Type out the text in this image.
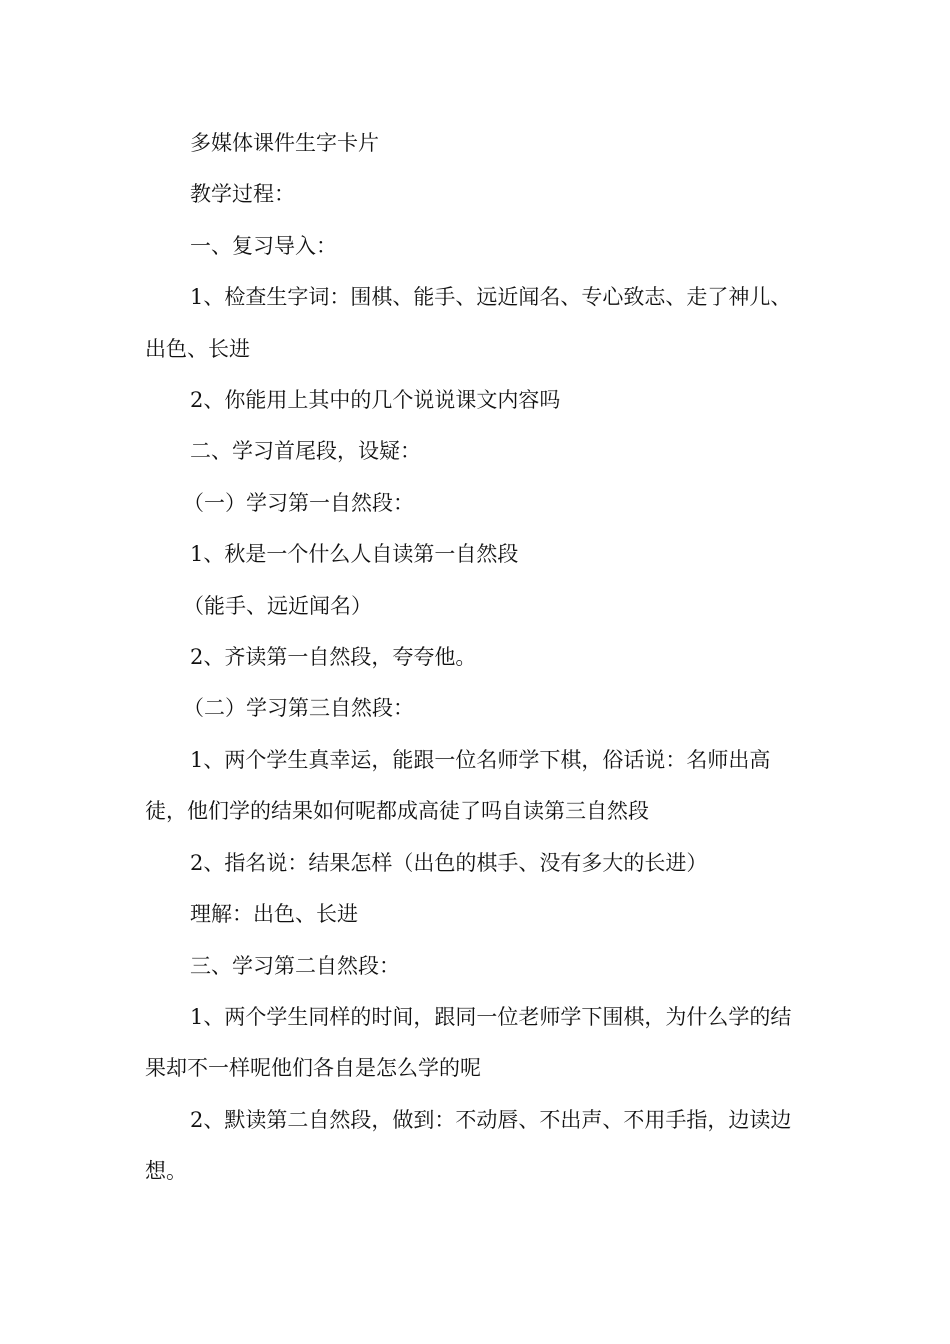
多媒体课件生字卡片

教学过程：

一、复习导入：

1、检查生字词：围棋、能手、远近闻名、专心致志、走了神儿、出色、长进

2、你能用上其中的几个说说课文内容吗

二、学习首尾段，设疑：

（一）学习第一自然段：

1、秋是一个什么人自读第一自然段

（能手、远近闻名）

2、齐读第一自然段，夸夸他。

（二）学习第三自然段：

1、两个学生真幸运，能跟一位名师学下棋，俗话说：名师出高徒，他们学的结果如何呢都成高徒了吗自读第三自然段

2、指名说：结果怎样（出色的棋手、没有多大的长进）

理解：出色、长进

三、学习第二自然段：

1、两个学生同样的时间，跟同一位老师学下围棋，为什么学的结果却不一样呢他们各自是怎么学的呢

2、默读第二自然段，做到：不动唇、不出声、不用手指，边读边想。
